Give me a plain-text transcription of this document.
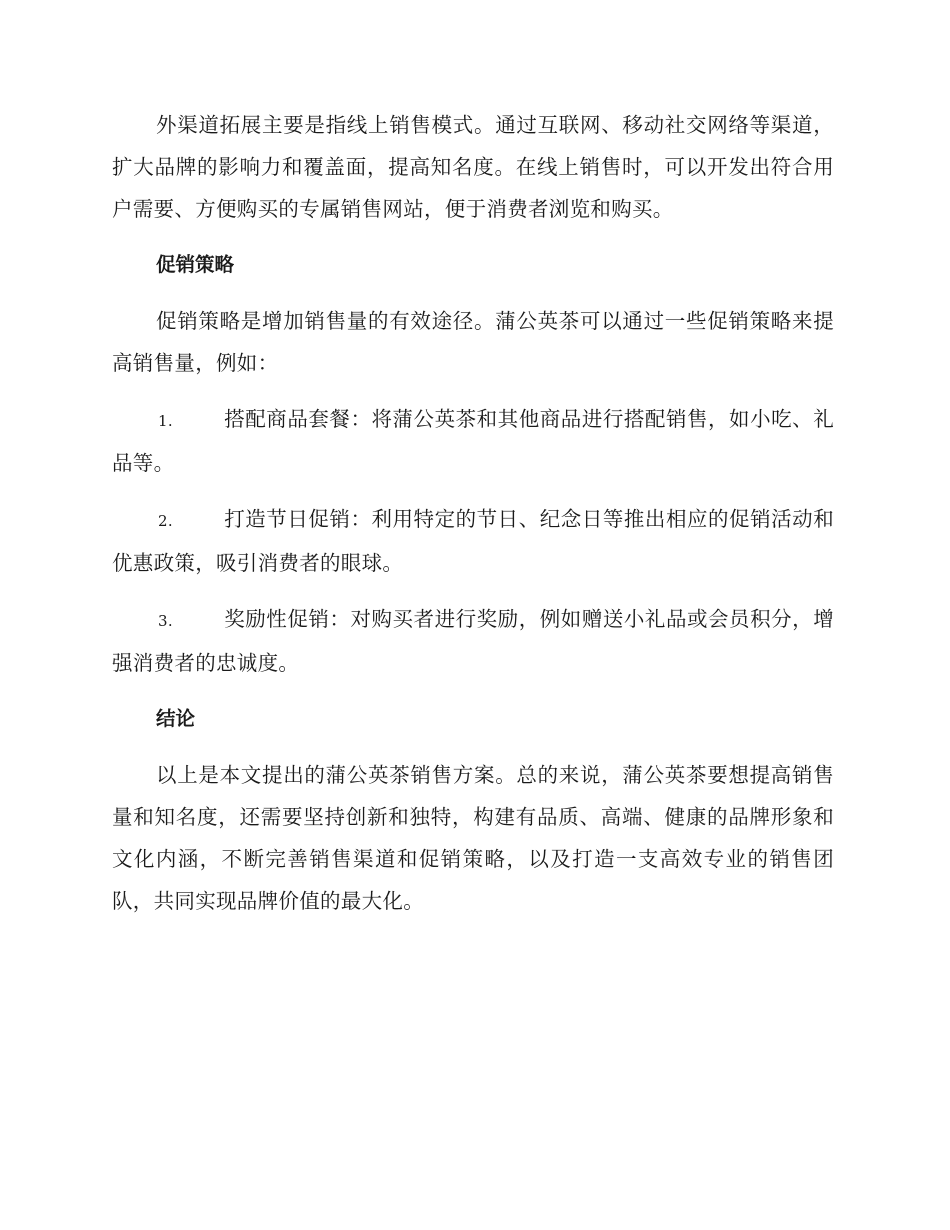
外渠道拓展主要是指线上销售模式。通过互联网、移动社交网络等渠道，扩大品牌的影响力和覆盖面，提高知名度。在线上销售时，可以开发出符合用户需要、方便购买的专属销售网站，便于消费者浏览和购买。

促销策略

促销策略是增加销售量的有效途径。蒲公英茶可以通过一些促销策略来提高销售量，例如：

1. 搭配商品套餐：将蒲公英茶和其他商品进行搭配销售，如小吃、礼品等。

2. 打造节日促销：利用特定的节日、纪念日等推出相应的促销活动和优惠政策，吸引消费者的眼球。

3. 奖励性促销：对购买者进行奖励，例如赠送小礼品或会员积分，增强消费者的忠诚度。

结论

以上是本文提出的蒲公英茶销售方案。总的来说，蒲公英茶要想提高销售量和知名度，还需要坚持创新和独特，构建有品质、高端、健康的品牌形象和文化内涵，不断完善销售渠道和促销策略，以及打造一支高效专业的销售团队，共同实现品牌价值的最大化。
